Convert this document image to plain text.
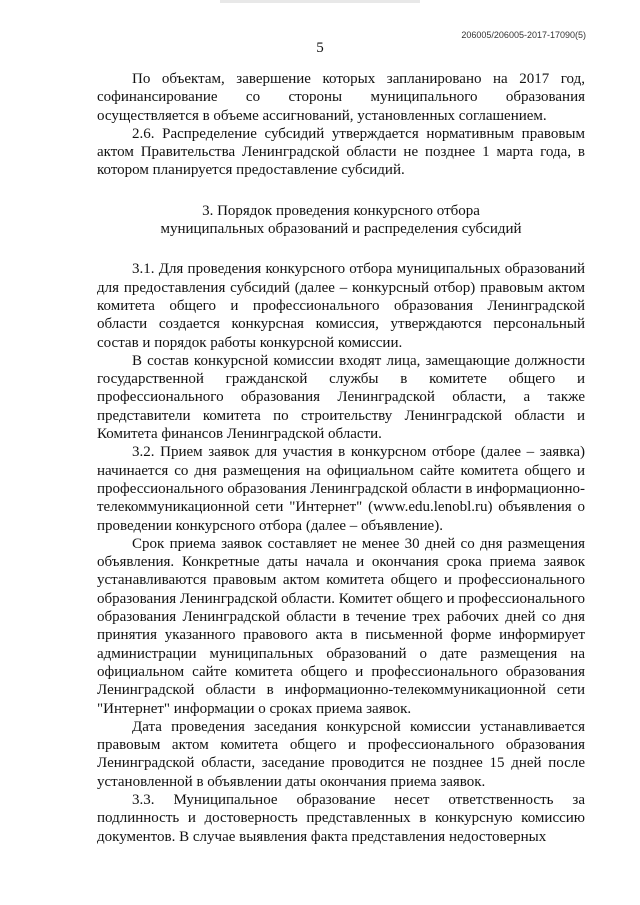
206005/206005-2017-17090(5)
5

По объектам, завершение которых запланировано на 2017 год, софинансирование со стороны муниципального образования осуществляется в объеме ассигнований, установленных соглашением.

2.6. Распределение субсидий утверждается нормативным правовым актом Правительства Ленинградской области не позднее 1 марта года, в котором планируется предоставление субсидий.

3. Порядок проведения конкурсного отбора
муниципальных образований и распределения субсидий

3.1. Для проведения конкурсного отбора муниципальных образований для предоставления субсидий (далее – конкурсный отбор) правовым актом комитета общего и профессионального образования Ленинградской области создается конкурсная комиссия, утверждаются персональный состав и порядок работы конкурсной комиссии.

В состав конкурсной комиссии входят лица, замещающие должности государственной гражданской службы в комитете общего и профессионального образования Ленинградской области, а также представители комитета по строительству Ленинградской области и Комитета финансов Ленинградской области.

3.2. Прием заявок для участия в конкурсном отборе (далее – заявка) начинается со дня размещения на официальном сайте комитета общего и профессионального образования Ленинградской области в информационно-телекоммуникационной сети "Интернет" (www.edu.lenobl.ru) объявления о проведении конкурсного отбора (далее – объявление).

Срок приема заявок составляет не менее 30 дней со дня размещения объявления. Конкретные даты начала и окончания срока приема заявок устанавливаются правовым актом комитета общего и профессионального образования Ленинградской области. Комитет общего и профессионального образования Ленинградской области в течение трех рабочих дней со дня принятия указанного правового акта в письменной форме информирует администрации муниципальных образований о дате размещения на официальном сайте комитета общего и профессионального образования Ленинградской области в информационно-телекоммуникационной сети "Интернет" информации о сроках приема заявок.

Дата проведения заседания конкурсной комиссии устанавливается правовым актом комитета общего и профессионального образования Ленинградской области, заседание проводится не позднее 15 дней после установленной в объявлении даты окончания приема заявок.

3.3. Муниципальное образование несет ответственность за подлинность и достоверность представленных в конкурсную комиссию документов. В случае выявления факта представления недостоверных
